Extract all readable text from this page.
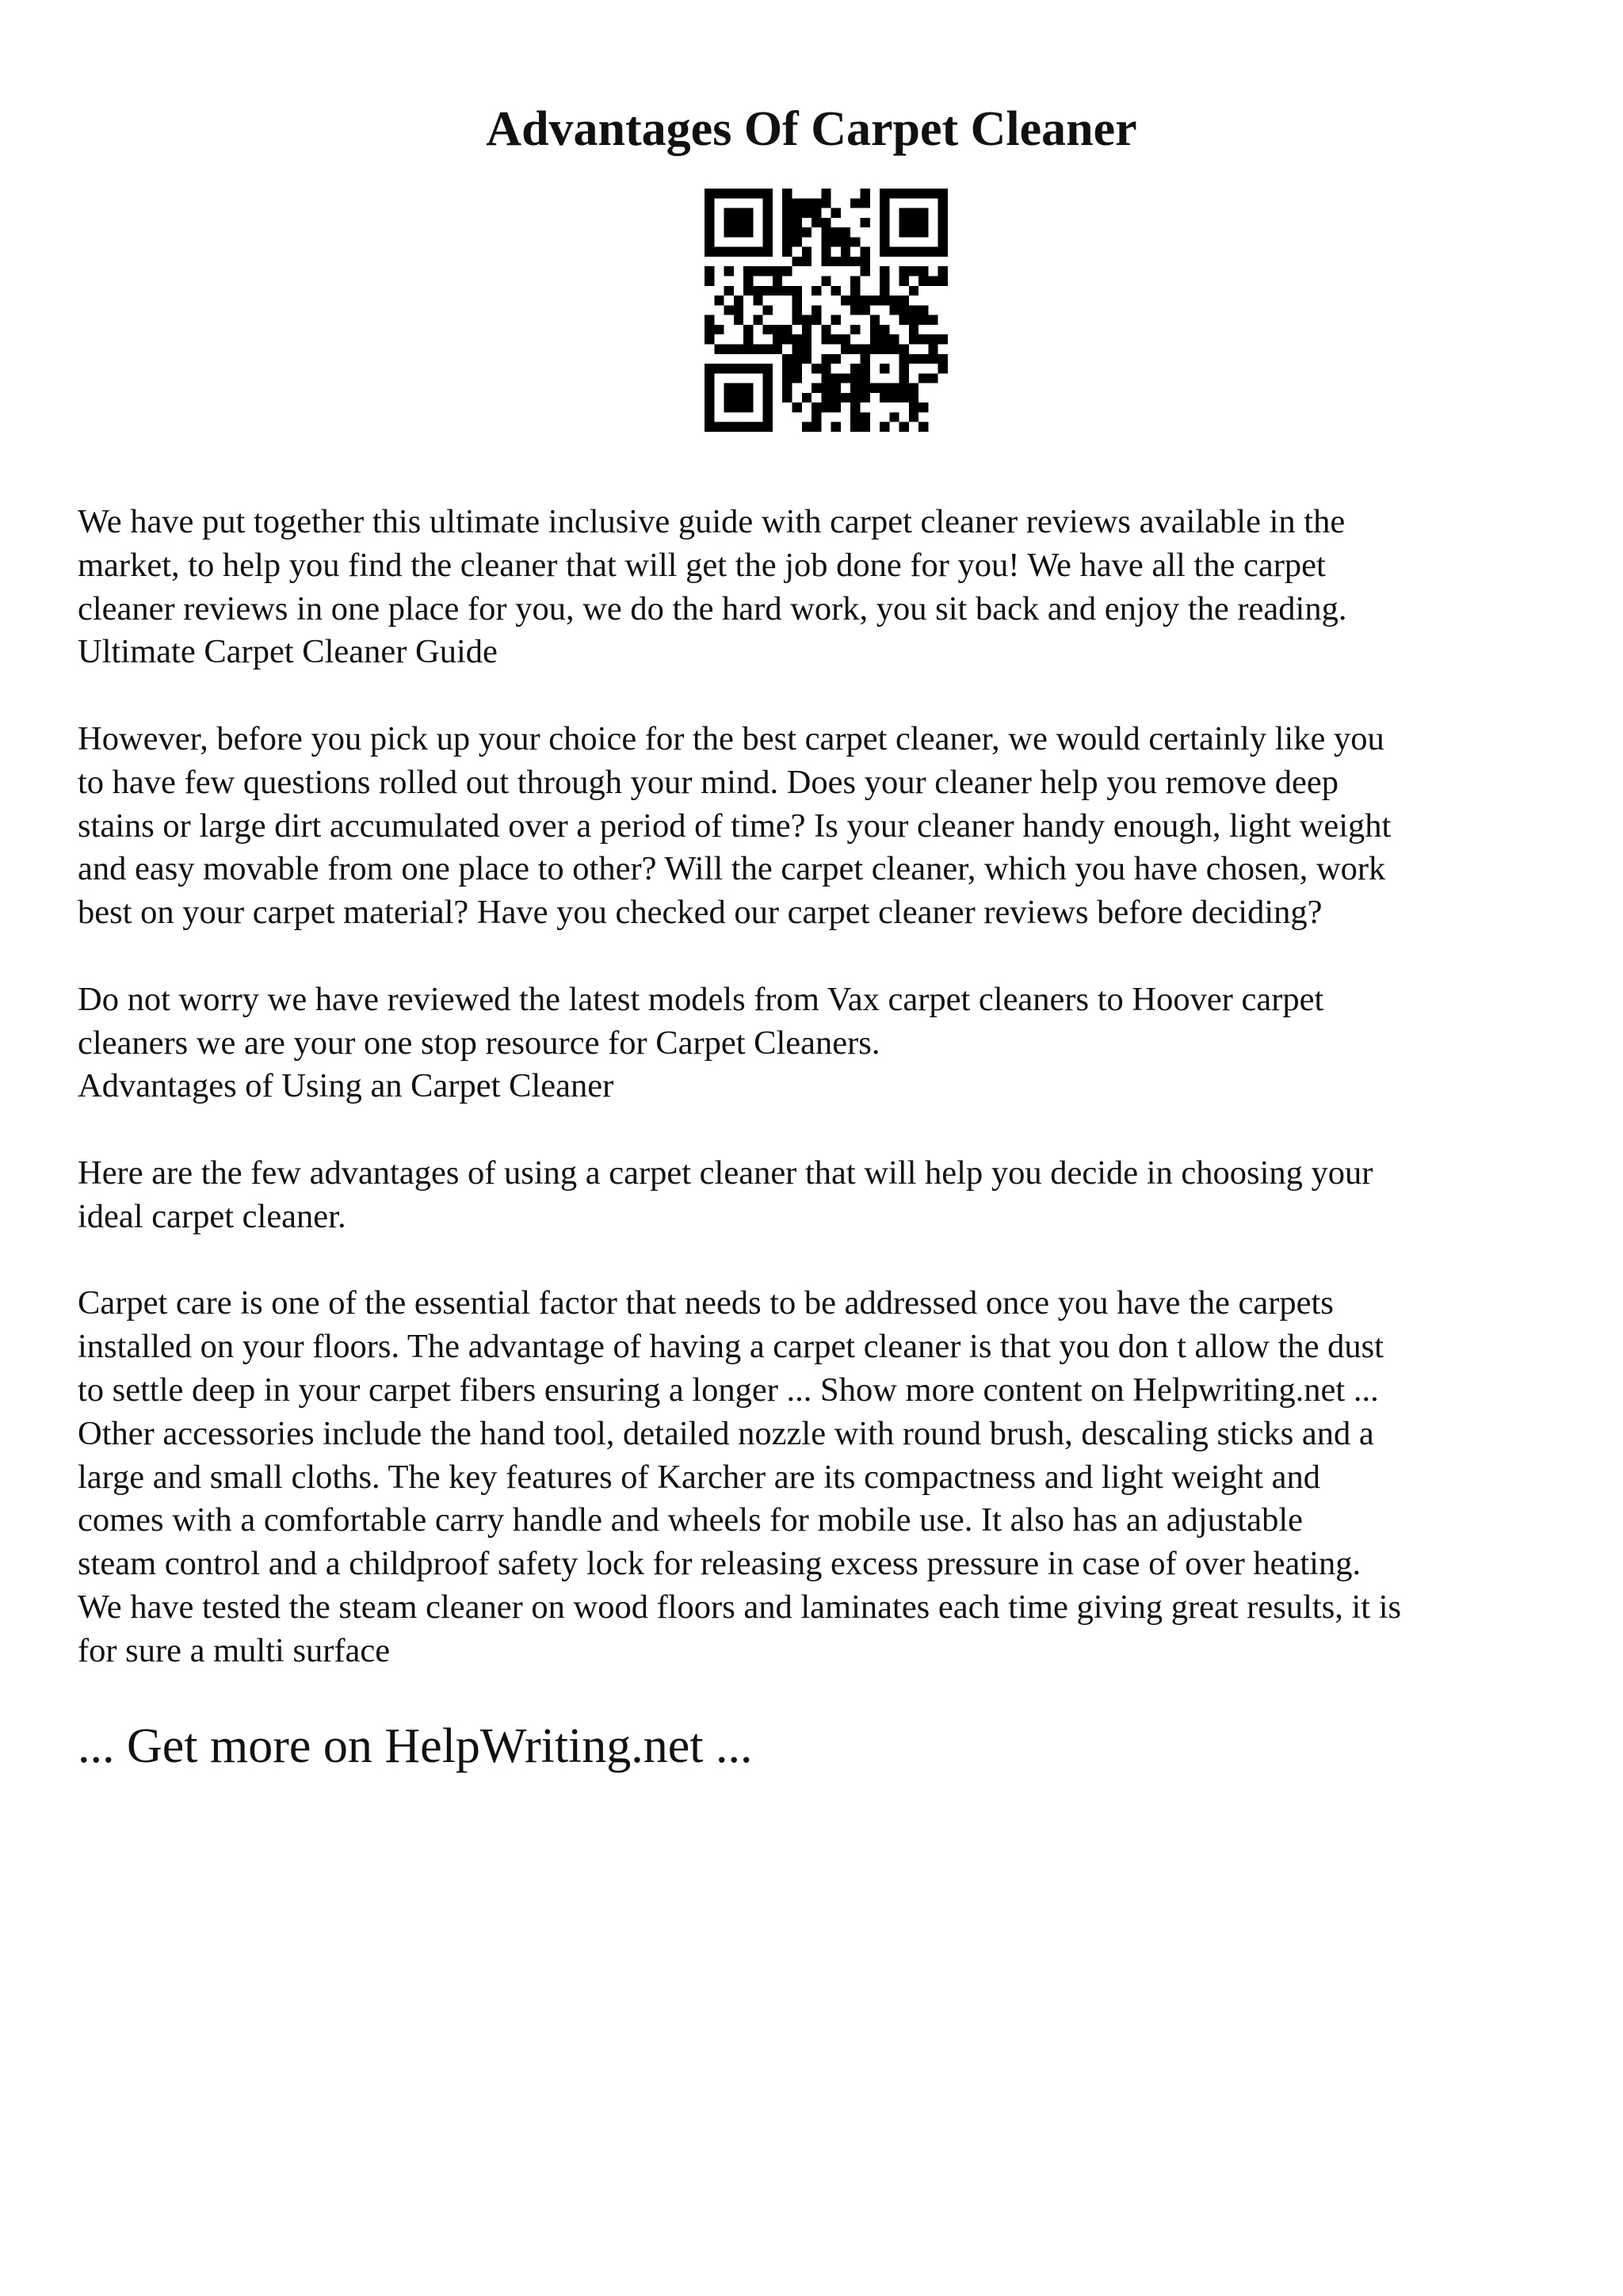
Advantages Of Carpet Cleaner

We have put together this ultimate inclusive guide with carpet cleaner reviews available in the
market, to help you find the cleaner that will get the job done for you! We have all the carpet
cleaner reviews in one place for you, we do the hard work, you sit back and enjoy the reading.
Ultimate Carpet Cleaner Guide

However, before you pick up your choice for the best carpet cleaner, we would certainly like you
to have few questions rolled out through your mind. Does your cleaner help you remove deep
stains or large dirt accumulated over a period of time? Is your cleaner handy enough, light weight
and easy movable from one place to other? Will the carpet cleaner, which you have chosen, work
best on your carpet material? Have you checked our carpet cleaner reviews before deciding?

Do not worry we have reviewed the latest models from Vax carpet cleaners to Hoover carpet
cleaners we are your one stop resource for Carpet Cleaners.
Advantages of Using an Carpet Cleaner

Here are the few advantages of using a carpet cleaner that will help you decide in choosing your
ideal carpet cleaner.

Carpet care is one of the essential factor that needs to be addressed once you have the carpets
installed on your floors. The advantage of having a carpet cleaner is that you don t allow the dust
to settle deep in your carpet fibers ensuring a longer ... Show more content on Helpwriting.net ...
Other accessories include the hand tool, detailed nozzle with round brush, descaling sticks and a
large and small cloths. The key features of Karcher are its compactness and light weight and
comes with a comfortable carry handle and wheels for mobile use. It also has an adjustable
steam control and a childproof safety lock for releasing excess pressure in case of over heating.
We have tested the steam cleaner on wood floors and laminates each time giving great results, it is
for sure a multi surface

... Get more on HelpWriting.net ...
